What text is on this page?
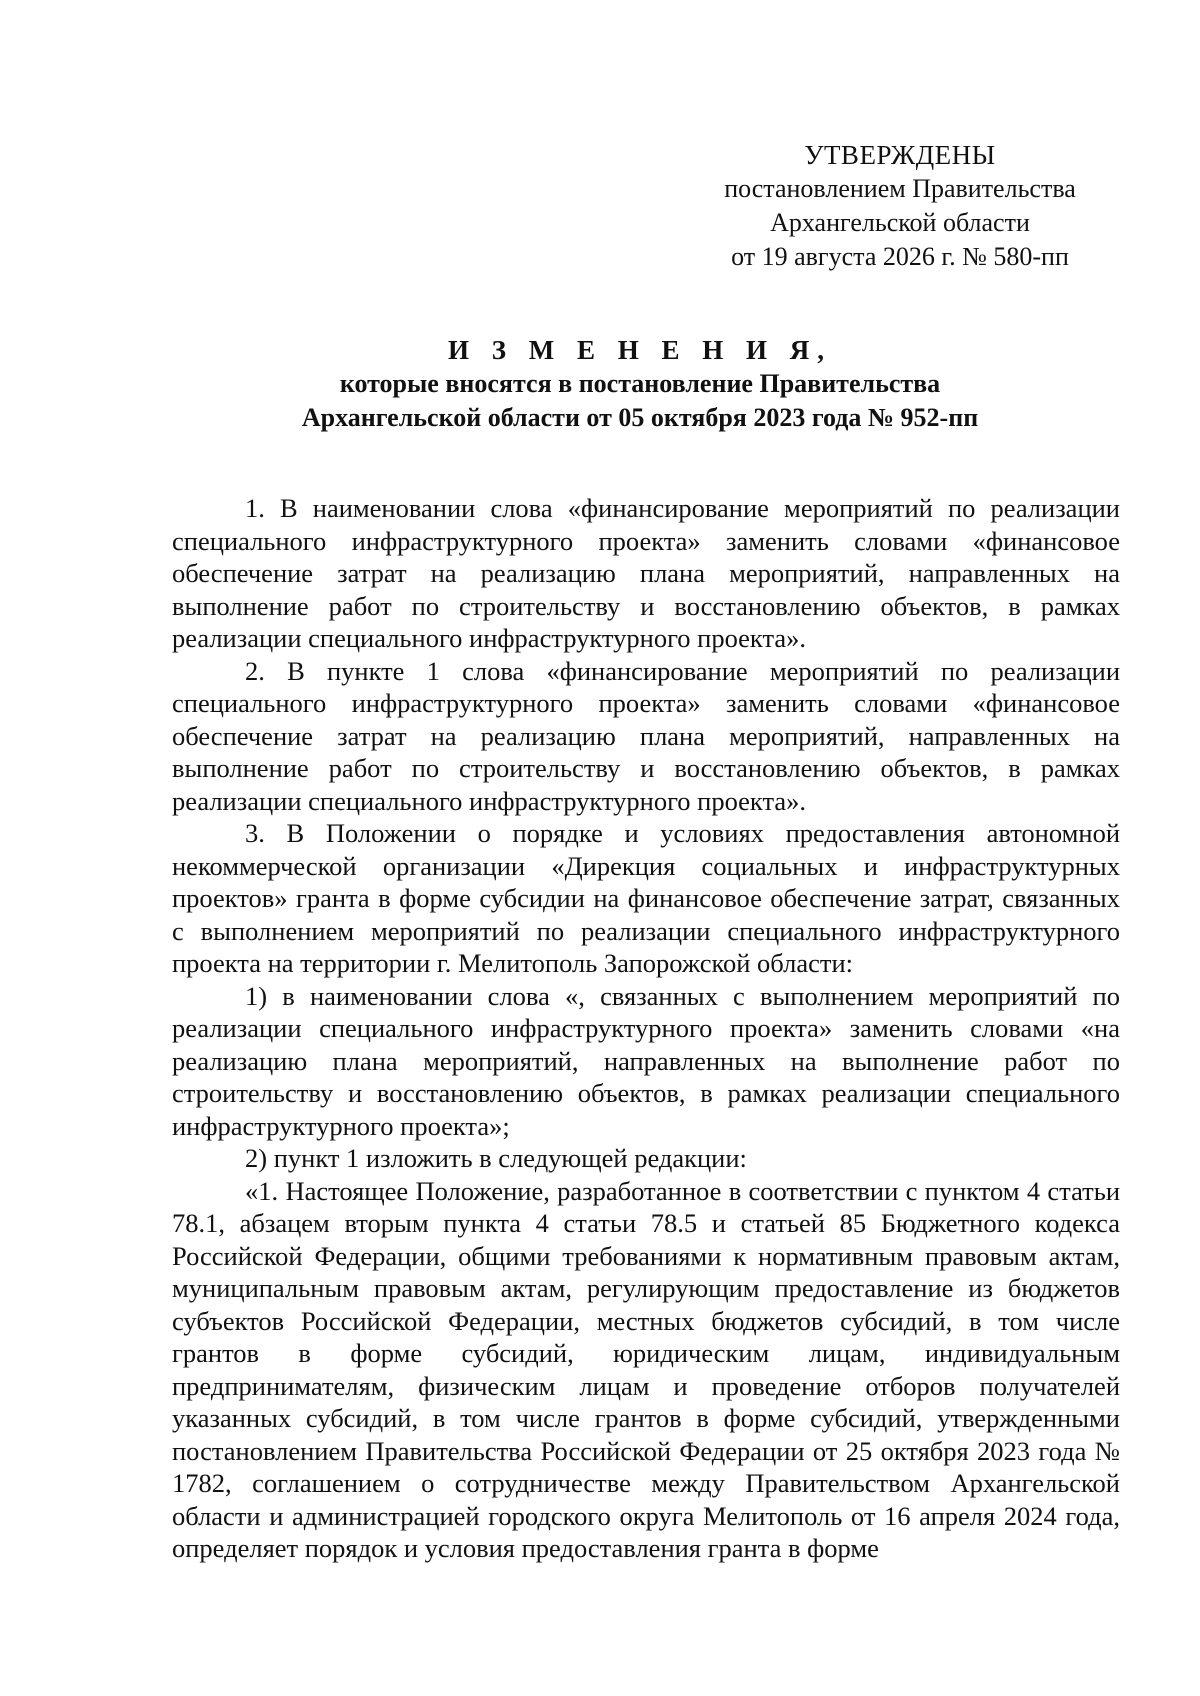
УТВЕРЖДЕНЫ
постановлением Правительства
Архангельской области
от 19 августа 2026 г. № 580-пп
И З М Е Н Е Н И Я,
которые вносятся в постановление Правительства
Архангельской области от 05 октября 2023 года № 952-пп

1. В наименовании слова «финансирование мероприятий по реализации специального инфраструктурного проекта» заменить словами «финансовое обеспечение затрат на реализацию плана мероприятий, направленных на выполнение работ по строительству и восстановлению объектов, в рамках реализации специального инфраструктурного проекта».

2. В пункте 1 слова «финансирование мероприятий по реализации специального инфраструктурного проекта» заменить словами «финансовое обеспечение затрат на реализацию плана мероприятий, направленных на выполнение работ по строительству и восстановлению объектов, в рамках реализации специального инфраструктурного проекта».

3. В Положении о порядке и условиях предоставления автономной некоммерческой организации «Дирекция социальных и инфраструктурных проектов» гранта в форме субсидии на финансовое обеспечение затрат, связанных с выполнением мероприятий по реализации специального инфраструктурного проекта на территории г. Мелитополь Запорожской области:

1) в наименовании слова «, связанных с выполнением мероприятий по реализации специального инфраструктурного проекта» заменить словами «на реализацию плана мероприятий, направленных на выполнение работ по строительству и восстановлению объектов, в рамках реализации специального инфраструктурного проекта»;

2) пункт 1 изложить в следующей редакции:

«1. Настоящее Положение, разработанное в соответствии с пунктом 4 статьи 78.1, абзацем вторым пункта 4 статьи 78.5 и статьей 85 Бюджетного кодекса Российской Федерации, общими требованиями к нормативным правовым актам, муниципальным правовым актам, регулирующим предоставление из бюджетов субъектов Российской Федерации, местных бюджетов субсидий, в том числе грантов в форме субсидий, юридическим лицам, индивидуальным предпринимателям, физическим лицам и проведение отборов получателей указанных субсидий, в том числе грантов в форме субсидий, утвержденными постановлением Правительства Российской Федерации от 25 октября 2023 года № 1782, соглашением о сотрудничестве между Правительством Архангельской области и администрацией городского округа Мелитополь от 16 апреля 2024 года, определяет порядок и условия предоставления гранта в форме
